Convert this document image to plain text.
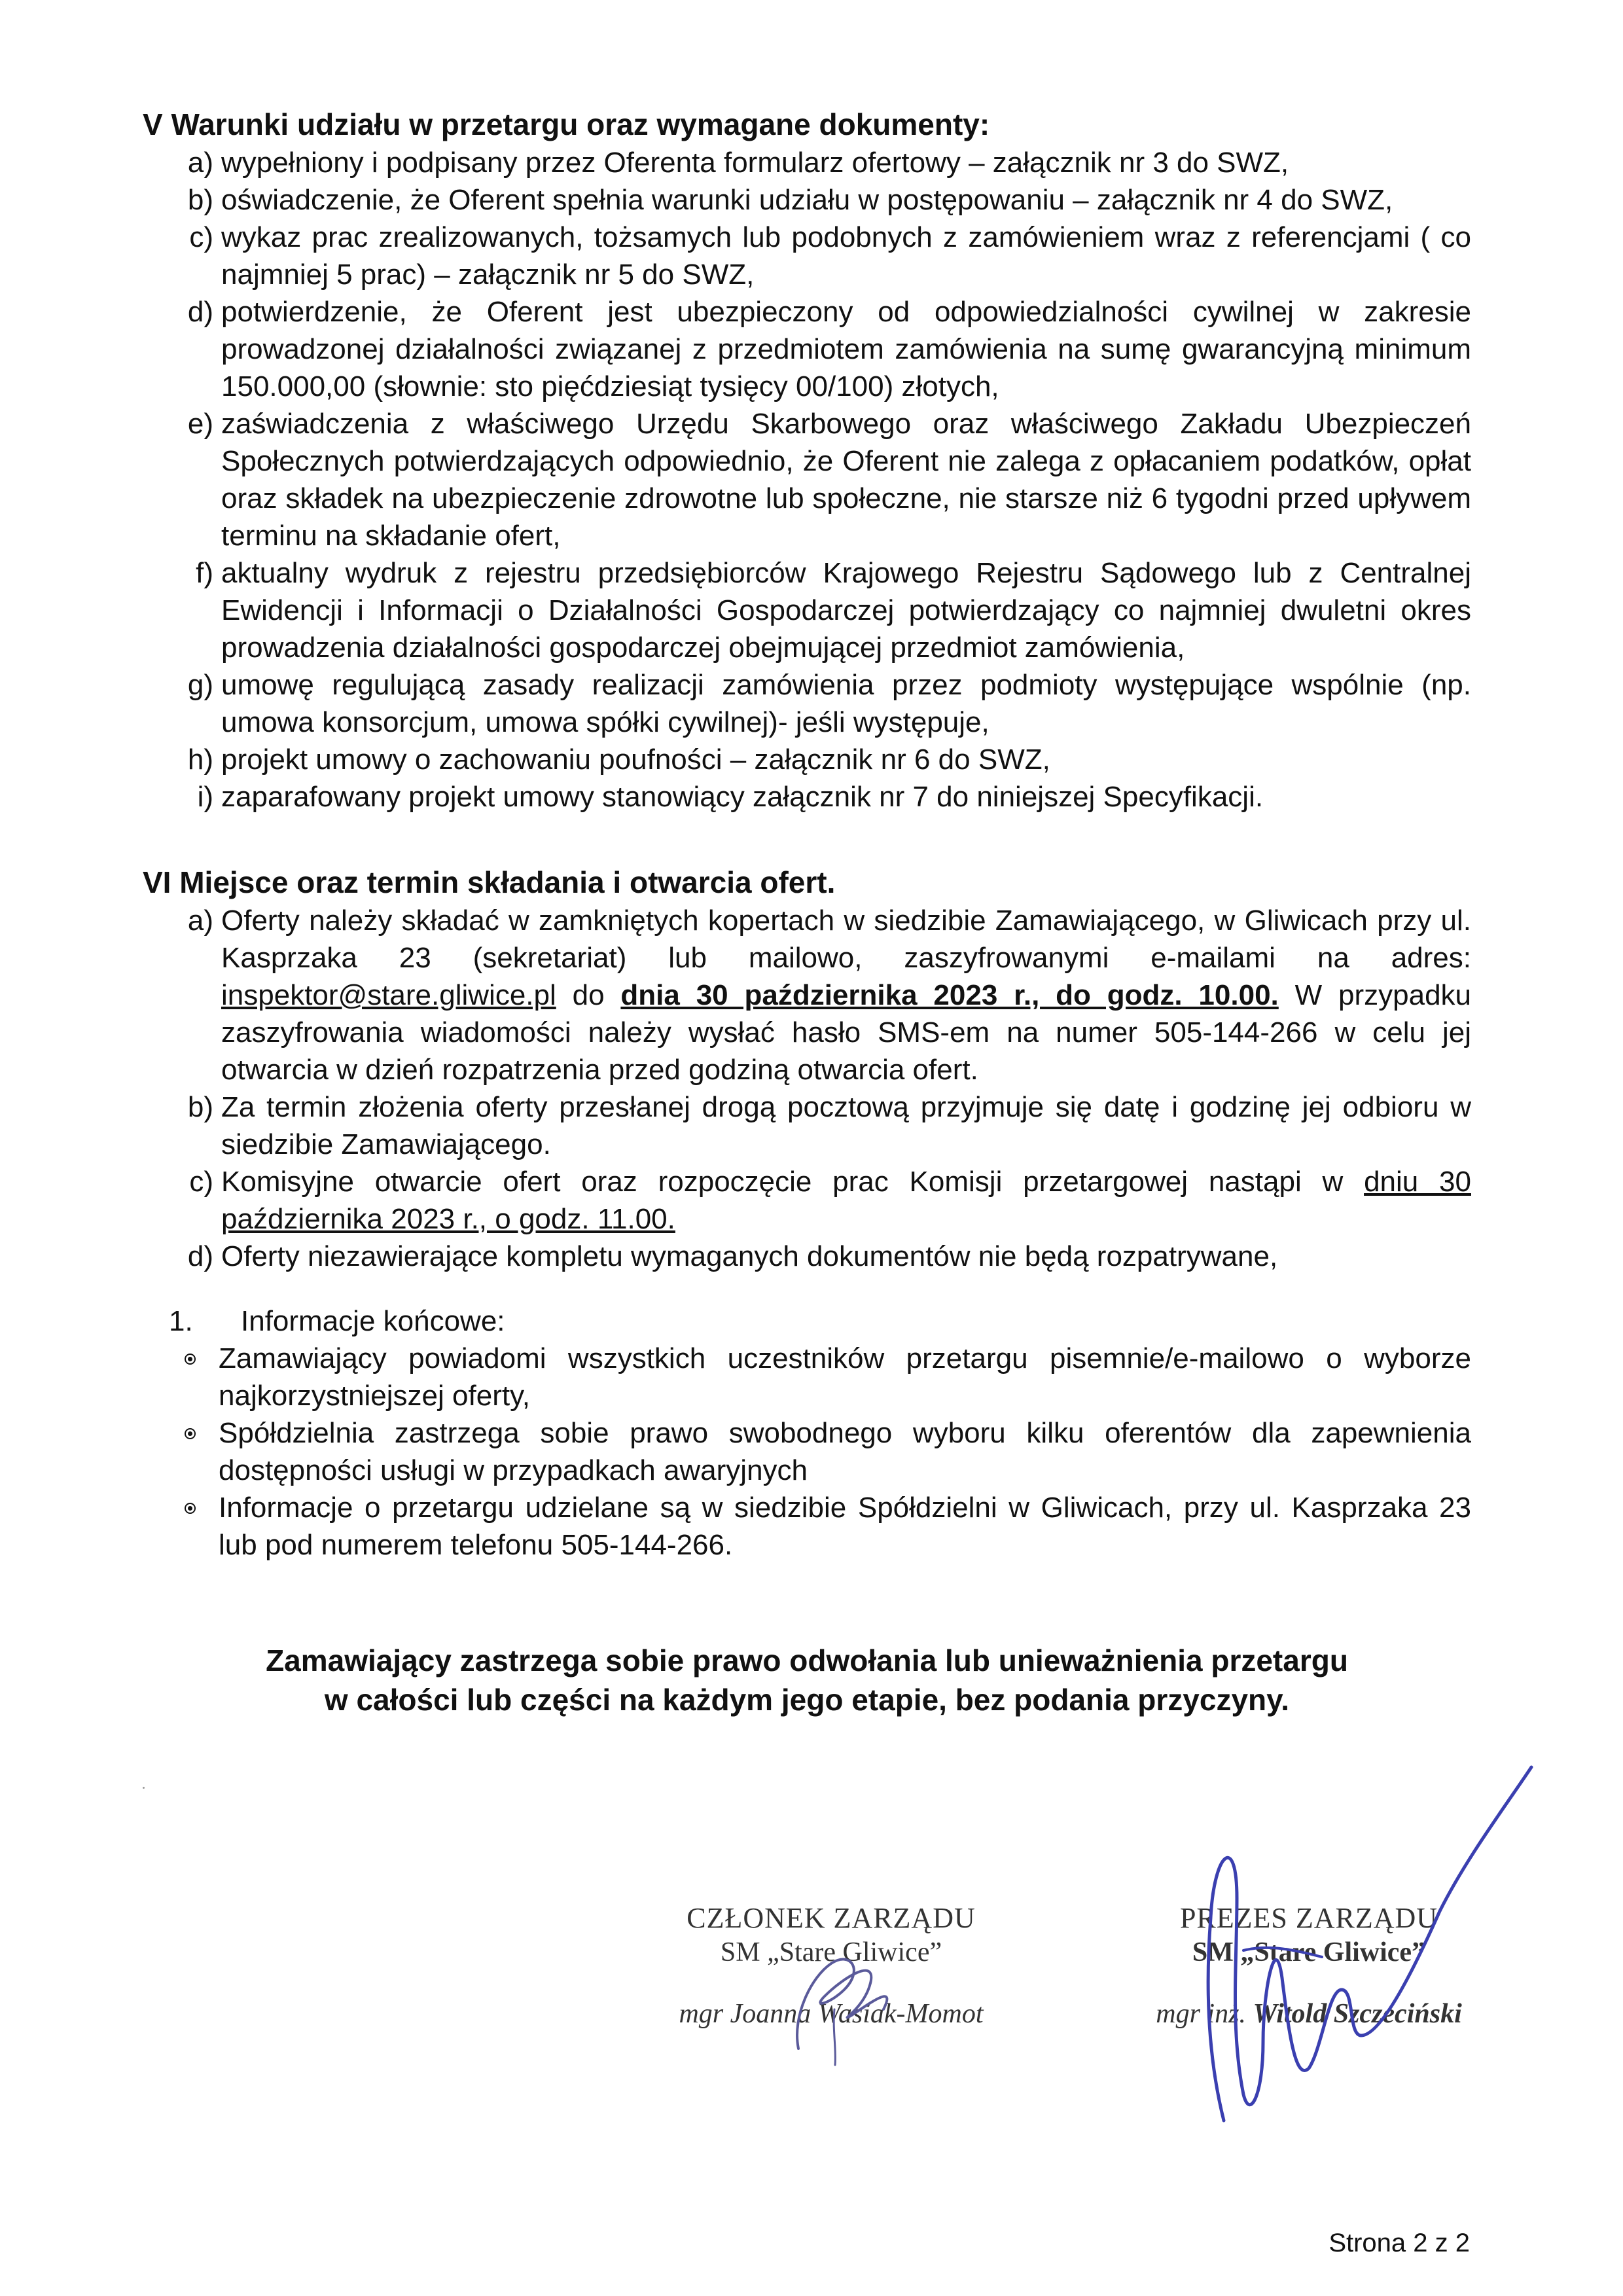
V Warunki udziału w przetargu oraz wymagane dokumenty:
a) wypełniony i podpisany przez Oferenta formularz ofertowy – załącznik nr 3 do SWZ,
b) oświadczenie, że Oferent spełnia warunki udziału w postępowaniu – załącznik nr 4 do SWZ,
c) wykaz prac zrealizowanych, tożsamych lub podobnych z zamówieniem wraz z referencjami ( co najmniej 5 prac) – załącznik nr 5 do SWZ,
d) potwierdzenie, że Oferent jest ubezpieczony od odpowiedzialności cywilnej w zakresie prowadzonej działalności związanej z przedmiotem zamówienia na sumę gwarancyjną minimum 150.000,00 (słownie: sto pięćdziesiąt tysięcy 00/100) złotych,
e) zaświadczenia z właściwego Urzędu Skarbowego oraz właściwego Zakładu Ubezpieczeń Społecznych potwierdzających odpowiednio, że Oferent nie zalega z opłacaniem podatków, opłat oraz składek na ubezpieczenie zdrowotne lub społeczne, nie starsze niż 6 tygodni przed upływem terminu na składanie ofert,
f) aktualny wydruk z rejestru przedsiębiorców Krajowego Rejestru Sądowego lub z Centralnej Ewidencji i Informacji o Działalności Gospodarczej potwierdzający co najmniej dwuletni okres prowadzenia działalności gospodarczej obejmującej przedmiot zamówienia,
g) umowę regulującą zasady realizacji zamówienia przez podmioty występujące wspólnie (np. umowa konsorcjum, umowa spółki cywilnej)- jeśli występuje,
h) projekt umowy o zachowaniu poufności – załącznik nr 6 do SWZ,
i) zaparafowany projekt umowy stanowiący załącznik nr 7 do niniejszej Specyfikacji.
VI Miejsce oraz termin składania i otwarcia ofert.
a) Oferty należy składać w zamkniętych kopertach w siedzibie Zamawiającego, w Gliwicach przy ul. Kasprzaka 23 (sekretariat) lub mailowo, zaszyfrowanymi e-mailami na adres: inspektor@stare.gliwice.pl do dnia 30 października 2023 r., do godz. 10.00. W przypadku zaszyfrowania wiadomości należy wysłać hasło SMS-em na numer 505-144-266 w celu jej otwarcia w dzień rozpatrzenia przed godziną otwarcia ofert.
b) Za termin złożenia oferty przesłanej drogą pocztową przyjmuje się datę i godzinę jej odbioru w siedzibie Zamawiającego.
c) Komisyjne otwarcie ofert oraz rozpoczęcie prac Komisji przetargowej nastąpi w dniu 30 października 2023 r., o godz. 11.00.
d) Oferty niezawierające kompletu wymaganych dokumentów nie będą rozpatrywane,
1. Informacje końcowe:
Zamawiający powiadomi wszystkich uczestników przetargu pisemnie/e-mailowo o wyborze najkorzystniejszej oferty,
Spółdzielnia zastrzega sobie prawo swobodnego wyboru kilku oferentów dla zapewnienia dostępności usługi w przypadkach awaryjnych
Informacje o przetargu udzielane są w siedzibie Spółdzielni w Gliwicach, przy ul. Kasprzaka 23 lub pod numerem telefonu 505-144-266.
Zamawiający zastrzega sobie prawo odwołania lub unieważnienia przetargu
w całości lub części na każdym jego etapie, bez podania przyczyny.
CZŁONEK ZARZĄDU
SM „Stare Gliwice”
mgr Joanna Wasiak-Momot
PREZES ZARZĄDU
SM „Stare Gliwice”
mgr inż. Witold Szczeciński
Strona 2 z 2
